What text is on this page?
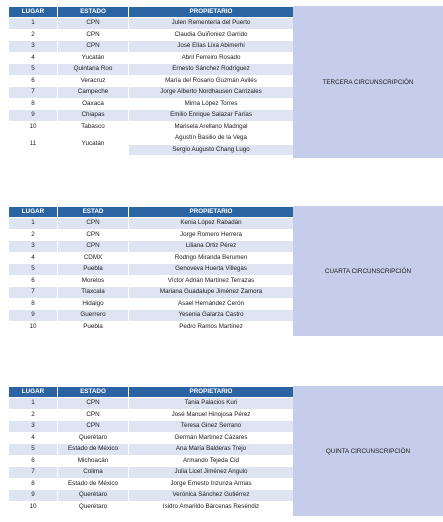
LUGAR	ESTADO	PROPIETARIO
1	CPN	Julen Rementería del Puerto
2	CPN	Claudia Guiñoniez Garrido
3	CPN	José Elías Lixa Abimerhi
4	Yucatán	Abril Ferreiro Rosado
5	Quintana Roo	Ernesto Sánchez Rodríguez
6	Veracruz	María del Rosario Guzmán Avilés
7	Campeche	Jorge Alberto Nordhausen Carrizales
8	Oaxaca	Mirna López Torres
9	Chiapas	Emilio Enrique Salazar Farías
10	Tabasco	Marisela Arellano Madrigal
11	Yucatán	Agustín Basilio de la Vega
		Sergio Augusto Chang Lugo
TERCERA CIRCUNSCRIPCIÓN
LUGAR	ESTAD	PROPIETARIO
1	CPN	Kenia López Rabadán
2	CPN	Jorge Romero Herrera
3	CPN	Liliana Ortiz Pérez
4	CDMX	Rodrigo Miranda Berumen
5	Puebla	Genoveva Huerta Villegas
6	Morelos	Víctor Adrián Martínez Terrazas
7	Tlaxcala	Mariana Guadalupe Jiménez Zamora
8	Hidalgo	Asael Hernández Cerón
9	Guerrero	Yesenia Galarza Castro
10	Puebla	Pedro Ramos Martínez
CUARTA CIRCUNSCRIPCIÓN
LUGAR	ESTADO	PROPIETARIO
1	CPN	Tania Palacios Kuri
2	CPN	José Manuel Hinojosa Pérez
3	CPN	Teresa Ginez Serrano
4	Querétaro	Germán Martínez Cázares
5	Estado de México	Ana María Balderas Trejo
6	Michoacán	Armando Tejeda Cid
7	Colima	Julia Licet Jiménez Angulo
8	Estado de México	Jorge Ernesto Inzunza Armas
9	Querétaro	Verónica Sánchez Gutiérrez
10	Querétaro	Isidro Amarildo Bárcenas Reséndiz
QUINTA CIRCUNSCRIPCIÓN
